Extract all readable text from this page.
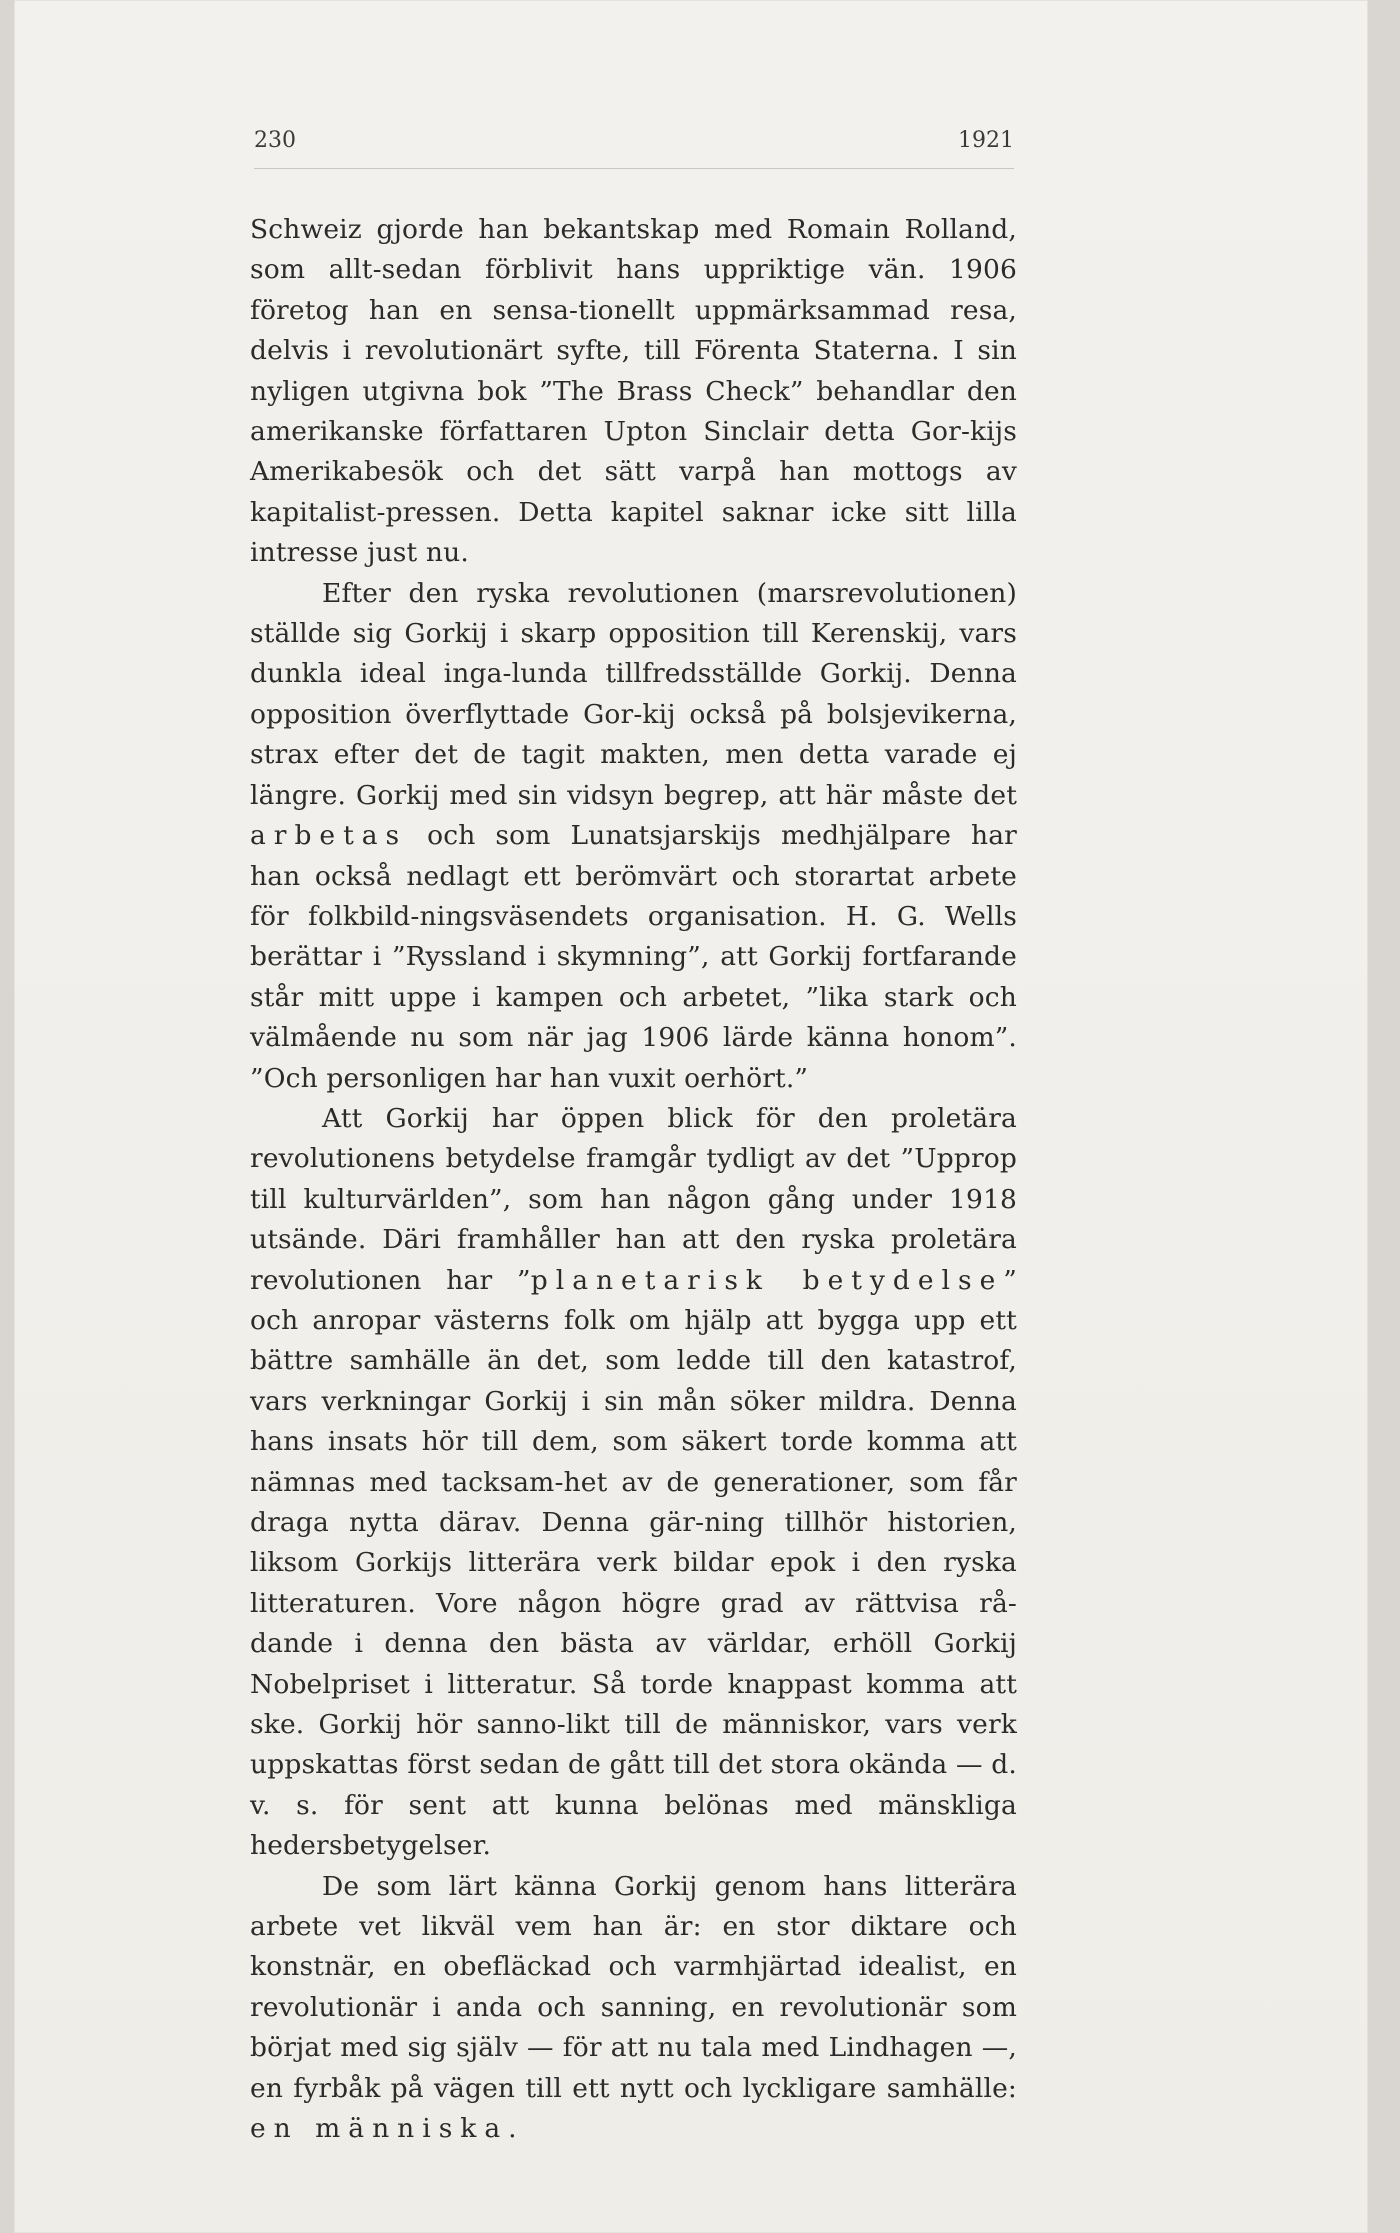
230	1921

Schweiz gjorde han bekantskap med Romain Rolland, som allt-sedan förblivit hans uppriktige vän. 1906 företog han en sensa-tionellt uppmärksammad resa, delvis i revolutionärt syfte, till Förenta Staterna. I sin nyligen utgivna bok ”The Brass Check” behandlar den amerikanske författaren Upton Sinclair detta Gor-kijs Amerikabesök och det sätt varpå han mottogs av kapitalist-pressen. Detta kapitel saknar icke sitt lilla intresse just nu.

Efter den ryska revolutionen (marsrevolutionen) ställde sig Gorkij i skarp opposition till Kerenskij, vars dunkla ideal inga-lunda tillfredsställde Gorkij. Denna opposition överflyttade Gor-kij också på bolsjevikerna, strax efter det de tagit makten, men detta varade ej längre. Gorkij med sin vidsyn begrep, att här måste det arbetas och som Lunatsjarskijs medhjälpare har han också nedlagt ett berömvärt och storartat arbete för folkbild-ningsväsendets organisation. H. G. Wells berättar i ”Ryssland i skymning”, att Gorkij fortfarande står mitt uppe i kampen och arbetet, ”lika stark och välmående nu som när jag 1906 lärde känna honom”. ”Och personligen har han vuxit oerhört.”

Att Gorkij har öppen blick för den proletära revolutionens betydelse framgår tydligt av det ”Upprop till kulturvärlden”, som han någon gång under 1918 utsände. Däri framhåller han att den ryska proletära revolutionen har ”planetarisk betydelse” och anropar västerns folk om hjälp att bygga upp ett bättre samhälle än det, som ledde till den katastrof, vars verkningar Gorkij i sin mån söker mildra. Denna hans insats hör till dem, som säkert torde komma att nämnas med tacksam-het av de generationer, som får draga nytta därav. Denna gär-ning tillhör historien, liksom Gorkijs litterära verk bildar epok i den ryska litteraturen. Vore någon högre grad av rättvisa rå-dande i denna den bästa av världar, erhöll Gorkij Nobelpriset i litteratur. Så torde knappast komma att ske. Gorkij hör sanno-likt till de människor, vars verk uppskattas först sedan de gått till det stora okända — d. v. s. för sent att kunna belönas med mänskliga hedersbetygelser.

De som lärt känna Gorkij genom hans litterära arbete vet likväl vem han är: en stor diktare och konstnär, en obefläckad och varmhjärtad idealist, en revolutionär i anda och sanning, en revolutionär som börjat med sig själv — för att nu tala med Lindhagen —, en fyrbåk på vägen till ett nytt och lyckligare samhälle: en människa.
